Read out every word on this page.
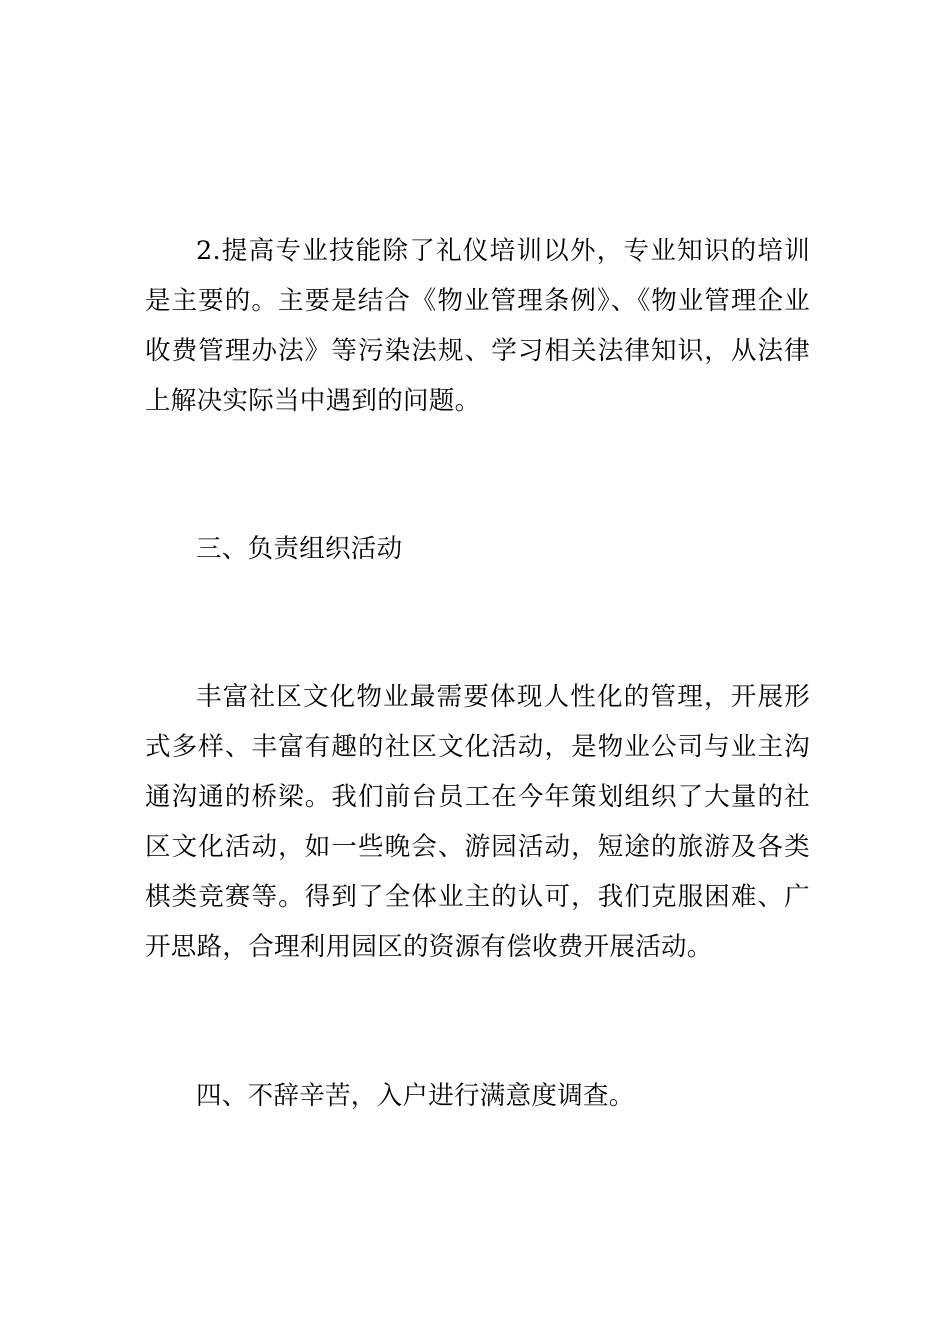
2.提高专业技能除了礼仪培训以外，专业知识的培训是主要的。主要是结合《物业管理条例》、《物业管理企业收费管理办法》等污染法规、学习相关法律知识，从法律上解决实际当中遇到的问题。

三、负责组织活动

丰富社区文化物业最需要体现人性化的管理，开展形式多样、丰富有趣的社区文化活动，是物业公司与业主沟通沟通的桥梁。我们前台员工在今年策划组织了大量的社区文化活动，如一些晚会、游园活动，短途的旅游及各类棋类竞赛等。得到了全体业主的认可，我们克服困难、广开思路，合理利用园区的资源有偿收费开展活动。

四、不辞辛苦，入户进行满意度调查。
